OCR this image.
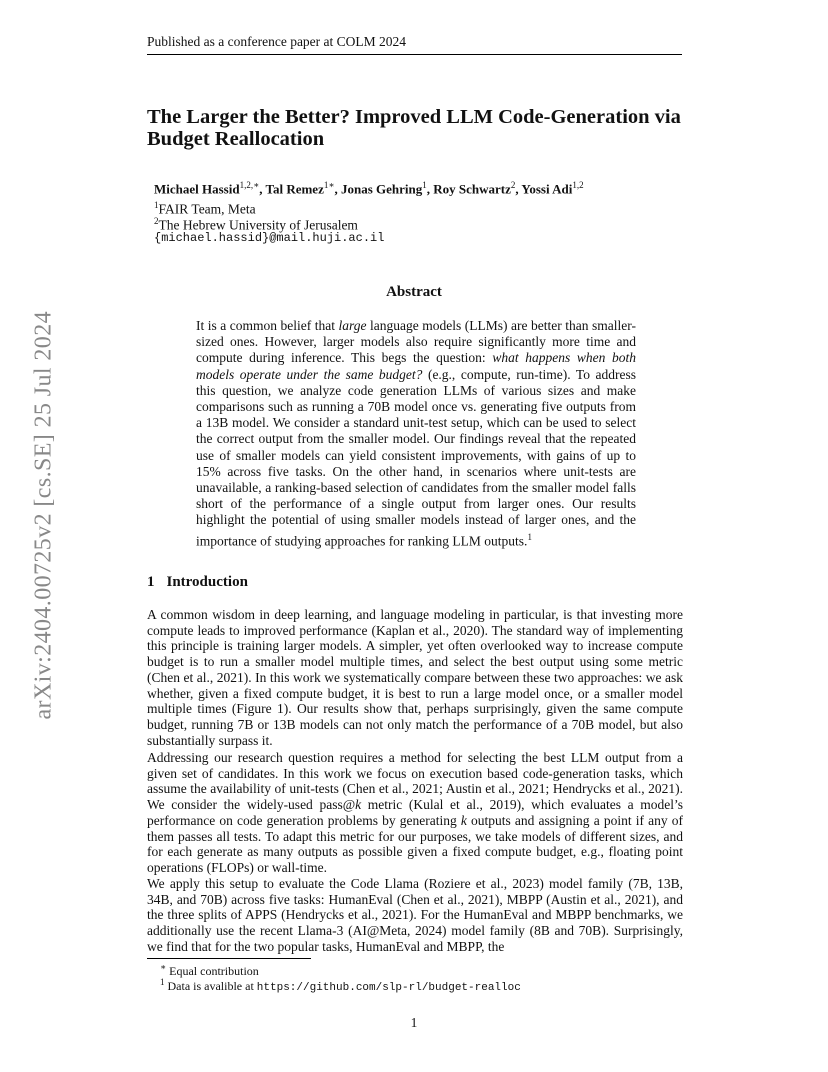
Published as a conference paper at COLM 2024
arXiv:2404.00725v2 [cs.SE] 25 Jul 2024
The Larger the Better? Improved LLM Code-Generation via Budget Reallocation
Michael Hassid$^{1,2,∗}$, Tal Remez$^{1∗}$, Jonas Gehring$^1$, Roy Schwartz$^2$, Yossi Adi$^{1,2}$
$^1$FAIR Team, Meta
$^2$The Hebrew University of Jerusalem
{michael.hassid}@mail.huji.ac.il
Abstract
It is a common belief that large language models (LLMs) are better than smaller-sized ones. However, larger models also require significantly more time and compute during inference. This begs the question: what happens when both models operate under the same budget? (e.g., compute, run-time). To address this question, we analyze code generation LLMs of various sizes and make comparisons such as running a 70B model once vs. generating five outputs from a 13B model. We consider a standard unit-test setup, which can be used to select the correct output from the smaller model. Our findings reveal that the repeated use of smaller models can yield consistent improvements, with gains of up to 15% across five tasks. On the other hand, in scenarios where unit-tests are unavailable, a ranking-based selection of candidates from the smaller model falls short of the performance of a single output from larger ones. Our results highlight the potential of using smaller models instead of larger ones, and the importance of studying approaches for ranking LLM outputs.$^1$
1 Introduction
A common wisdom in deep learning, and language modeling in particular, is that investing more compute leads to improved performance (Kaplan et al., 2020). The standard way of implementing this principle is training larger models. A simpler, yet often overlooked way to increase compute budget is to run a smaller model multiple times, and select the best output using some metric (Chen et al., 2021). In this work we systematically compare between these two approaches: we ask whether, given a fixed compute budget, it is best to run a large model once, or a smaller model multiple times (Figure 1). Our results show that, perhaps surprisingly, given the same compute budget, running 7B or 13B models can not only match the performance of a 70B model, but also substantially surpass it.
Addressing our research question requires a method for selecting the best LLM output from a given set of candidates. In this work we focus on execution based code-generation tasks, which assume the availability of unit-tests (Chen et al., 2021; Austin et al., 2021; Hendrycks et al., 2021). We consider the widely-used pass@k metric (Kulal et al., 2019), which evaluates a model’s performance on code generation problems by generating k outputs and assigning a point if any of them passes all tests. To adapt this metric for our purposes, we take models of different sizes, and for each generate as many outputs as possible given a fixed compute budget, e.g., floating point operations (FLOPs) or wall-time.
We apply this setup to evaluate the Code Llama (Roziere et al., 2023) model family (7B, 13B, 34B, and 70B) across five tasks: HumanEval (Chen et al., 2021), MBPP (Austin et al., 2021), and the three splits of APPS (Hendrycks et al., 2021). For the HumanEval and MBPP benchmarks, we additionally use the recent Llama-3 (AI@Meta, 2024) model family (8B and 70B). Surprisingly, we find that for the two popular tasks, HumanEval and MBPP, the
∗ Equal contribution
$^1$ Data is avalible at https://github.com/slp-rl/budget-realloc
1
